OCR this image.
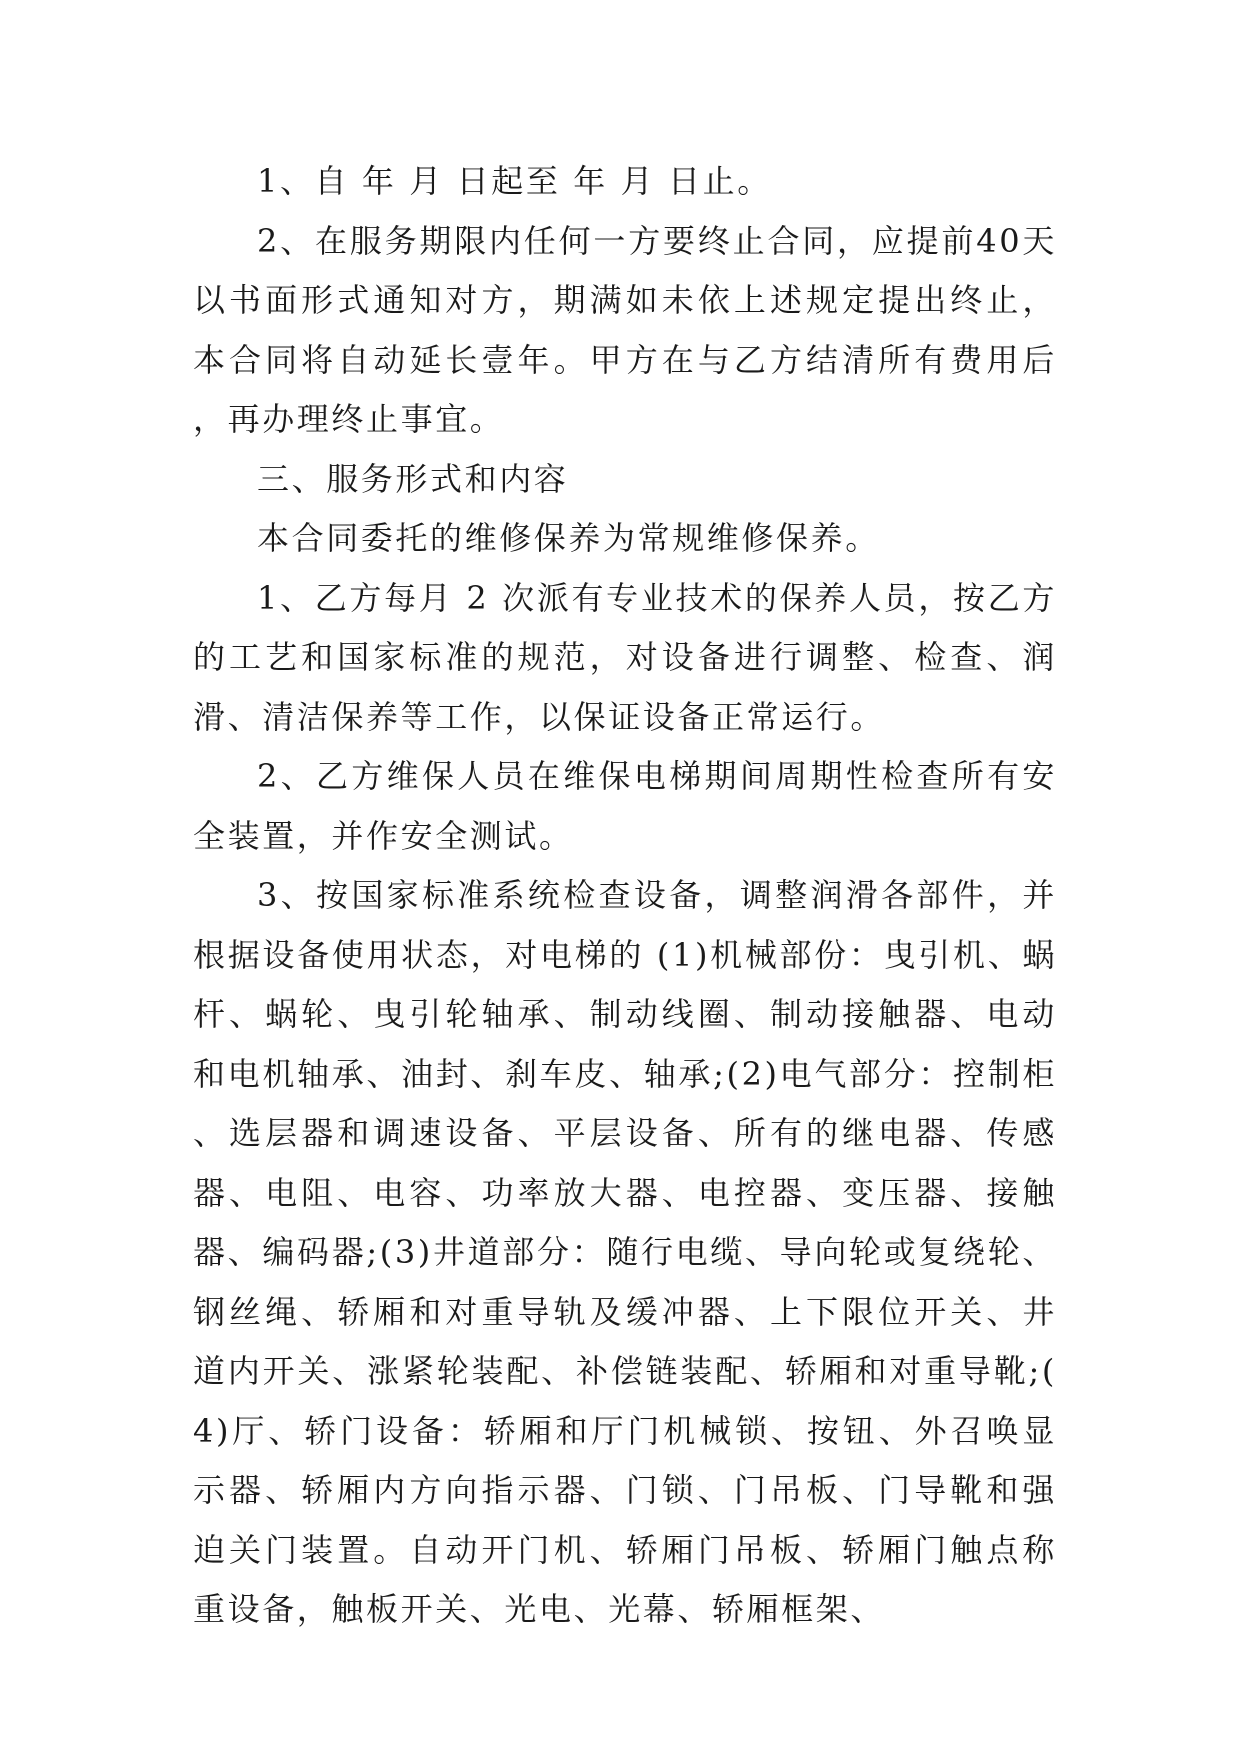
1、自 年 月 日起至 年 月 日止。

2、在服务期限内任何一方要终止合同，应提前40天以书面形式通知对方，期满如未依上述规定提出终止，本合同将自动延长壹年。甲方在与乙方结清所有费用后，再办理终止事宜。

三、服务形式和内容

本合同委托的维修保养为常规维修保养。

1、乙方每月 2 次派有专业技术的保养人员，按乙方的工艺和国家标准的规范，对设备进行调整、检查、润滑、清洁保养等工作，以保证设备正常运行。

2、乙方维保人员在维保电梯期间周期性检查所有安全装置，并作安全测试。

3、按国家标准系统检查设备，调整润滑各部件，并根据设备使用状态，对电梯的 (1)机械部份：曳引机、蜗杆、蜗轮、曳引轮轴承、制动线圈、制动接触器、电动和电机轴承、油封、刹车皮、轴承;(2)电气部分：控制柜、选层器和调速设备、平层设备、所有的继电器、传感器、电阻、电容、功率放大器、电控器、变压器、接触器、编码器;(3)井道部分：随行电缆、导向轮或复绕轮、钢丝绳、轿厢和对重导轨及缓冲器、上下限位开关、井道内开关、涨紧轮装配、补偿链装配、轿厢和对重导靴;(4)厅、轿门设备：轿厢和厅门机械锁、按钮、外召唤显示器、轿厢内方向指示器、门锁、门吊板、门导靴和强迫关门装置。自动开门机、轿厢门吊板、轿厢门触点称重设备，触板开关、光电、光幕、轿厢框架、
